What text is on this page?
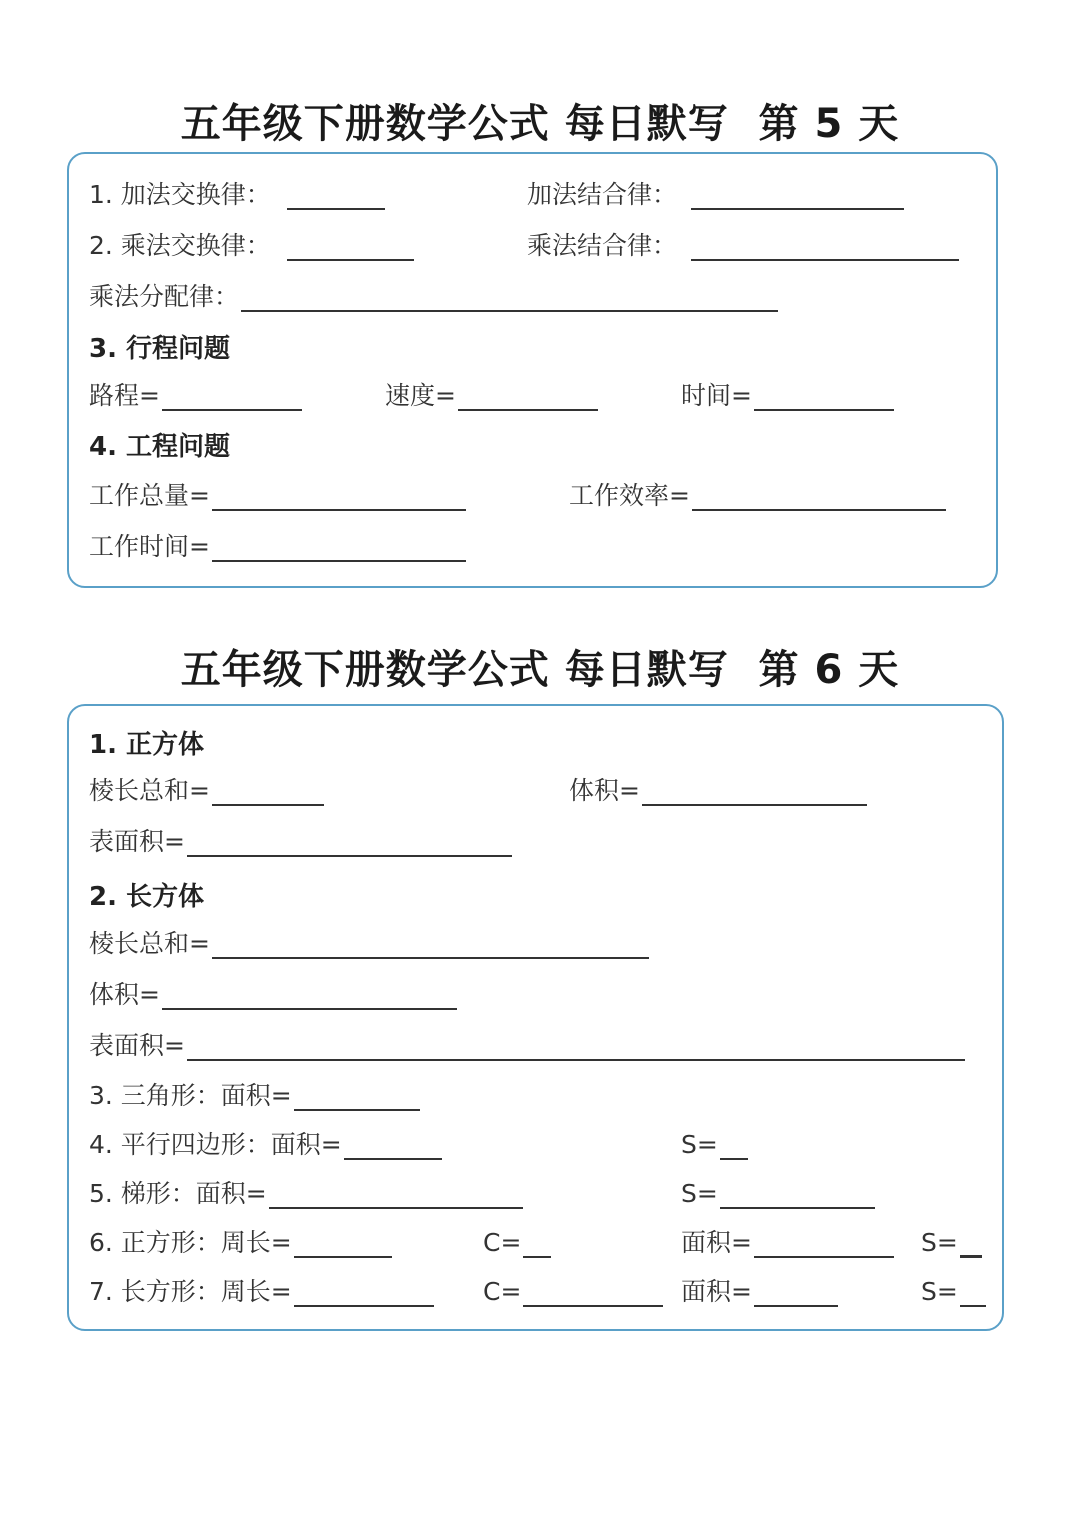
五年级下册数学公式 每日默写  第 5 天
1. 加法交换律：	加法结合律：
2. 乘法交换律：	乘法结合律：
乘法分配律：
3. 行程问题
路程=	速度=	时间=
4. 工程问题
工作总量=	工作效率=
工作时间=
五年级下册数学公式 每日默写  第 6 天
1. 正方体
棱长总和=	体积=
表面积=
2. 长方体
棱长总和=
体积=
表面积=
3. 三角形：面积=
4. 平行四边形：面积=	S=
5. 梯形：面积=	S=
6. 正方形：周长=	C=	面积=	S=
7. 长方形：周长=	C=	面积=	S=
